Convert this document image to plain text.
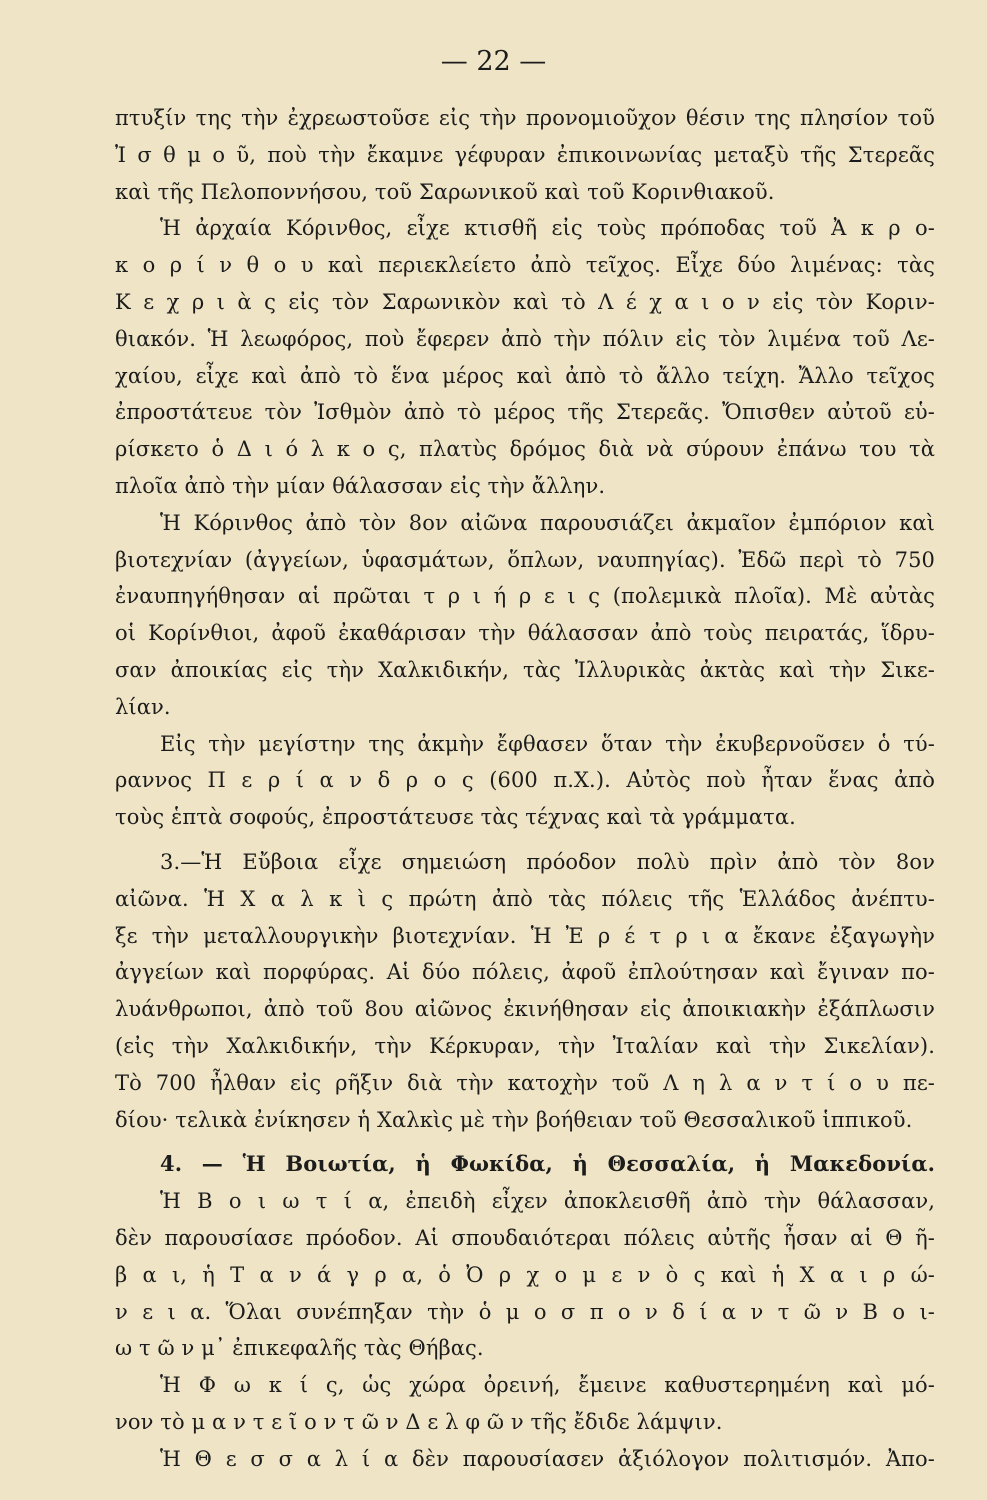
— 22 —
πτυξίν της τὴν ἐχρεωστοῦσε εἰς τὴν προνομιοῦχον θέσιν της πλησίον τοῦ
Ἰ σ θ μ ο ῦ, ποὺ τὴν ἔκαμνε γέφυραν ἐπικοινωνίας μεταξὺ τῆς Στερεᾶς
καὶ τῆς Πελοποννήσου, τοῦ Σαρωνικοῦ καὶ τοῦ Κορινθιακοῦ.
Ἡ ἀρχαία Κόρινθος, εἶχε κτισθῆ εἰς τοὺς πρόποδας τοῦ Ἀ κ ρ ο-
κ ο ρ ί ν θ ο υ καὶ περιεκλείετο ἀπὸ τεῖχος. Εἶχε δύο λιμένας: τὰς
Κ ε χ ρ ι ὰ ς εἰς τὸν Σαρωνικὸν καὶ τὸ Λ έ χ α ι ο ν εἰς τὸν Κοριν-
θιακόν. Ἡ λεωφόρος, ποὺ ἔφερεν ἀπὸ τὴν πόλιν εἰς τὸν λιμένα τοῦ Λε-
χαίου, εἶχε καὶ ἀπὸ τὸ ἕνα μέρος καὶ ἀπὸ τὸ ἄλλο τείχη. Ἄλλο τεῖχος
ἐπροστάτευε τὸν Ἰσθμὸν ἀπὸ τὸ μέρος τῆς Στερεᾶς. Ὄπισθεν αὐτοῦ εὑ-
ρίσκετο ὁ Δ ι ό λ κ ο ς, πλατὺς δρόμος διὰ νὰ σύρουν ἐπάνω του τὰ
πλοῖα ἀπὸ τὴν μίαν θάλασσαν εἰς τὴν ἄλλην.
Ἡ Κόρινθος ἀπὸ τὸν 8ον αἰῶνα παρουσιάζει ἀκμαῖον ἐμπόριον καὶ
βιοτεχνίαν (ἀγγείων, ὑφασμάτων, ὅπλων, ναυπηγίας). Ἐδῶ περὶ τὸ 750
ἐναυπηγήθησαν αἱ πρῶται τ ρ ι ή ρ ε ι ς (πολεμικὰ πλοῖα). Μὲ αὐτὰς
οἱ Κορίνθιοι, ἀφοῦ ἐκαθάρισαν τὴν θάλασσαν ἀπὸ τοὺς πειρατάς, ἵδρυ-
σαν ἀποικίας εἰς τὴν Χαλκιδικήν, τὰς Ἰλλυρικὰς ἀκτὰς καὶ τὴν Σικε-
λίαν.
Εἰς τὴν μεγίστην της ἀκμὴν ἔφθασεν ὅταν τὴν ἐκυβερνοῦσεν ὁ τύ-
ραννος Π ε ρ ί α ν δ ρ ο ς (600 π.Χ.). Αὐτὸς ποὺ ἦταν ἕνας ἀπὸ
τοὺς ἑπτὰ σοφούς, ἐπροστάτευσε τὰς τέχνας καὶ τὰ γράμματα.
3.—Ἡ Εὔβοια εἶχε σημειώση πρόοδον πολὺ πρὶν ἀπὸ τὸν 8ον
αἰῶνα. Ἡ Χ α λ κ ὶ ς πρώτη ἀπὸ τὰς πόλεις τῆς Ἑλλάδος ἀνέπτυ-
ξε τὴν μεταλλουργικὴν βιοτεχνίαν. Ἡ Ἐ ρ έ τ ρ ι α ἔκανε ἐξαγωγὴν
ἀγγείων καὶ πορφύρας. Αἱ δύο πόλεις, ἀφοῦ ἐπλούτησαν καὶ ἔγιναν πο-
λυάνθρωποι, ἀπὸ τοῦ 8ου αἰῶνος ἐκινήθησαν εἰς ἀποικιακὴν ἐξάπλωσιν
(εἰς τὴν Χαλκιδικήν, τὴν Κέρκυραν, τὴν Ἰταλίαν καὶ τὴν Σικελίαν).
Τὸ 700 ἦλθαν εἰς ρῆξιν διὰ τὴν κατοχὴν τοῦ Λ η λ α ν τ ί ο υ πε-
δίου· τελικὰ ἐνίκησεν ἡ Χαλκὶς μὲ τὴν βοήθειαν τοῦ Θεσσαλικοῦ ἱππικοῦ.
4. — Ἡ Βοιωτία, ἡ Φωκίδα, ἡ Θεσσαλία, ἡ Μακεδονία.
Ἡ Β ο ι ω τ ί α, ἐπειδὴ εἶχεν ἀποκλεισθῆ ἀπὸ τὴν θάλασσαν,
δὲν παρουσίασε πρόοδον. Αἱ σπουδαιότεραι πόλεις αὐτῆς ἦσαν αἱ Θ ῆ-
β α ι, ἡ Τ α ν ά γ ρ α, ὁ Ὀ ρ χ ο μ ε ν ὸ ς καὶ ἡ Χ α ι ρ ώ-
ν ε ι α. Ὅλαι συνέπηξαν τὴν ὁ μ ο σ π ο ν δ ί α ν τ ῶ ν Β ο ι-
ω τ ῶ ν μ᾿ ἐπικεφαλῆς τὰς Θήβας.
Ἡ Φ ω κ ί ς, ὡς χώρα ὀρεινή, ἔμεινε καθυστερημένη καὶ μό-
νον τὸ μ α ν τ ε ῖ ο ν τ ῶ ν Δ ε λ φ ῶ ν τῆς ἔδιδε λάμψιν.
Ἡ Θ ε σ σ α λ ί α δὲν παρουσίασεν ἀξιόλογον πολιτισμόν. Ἀπο-
